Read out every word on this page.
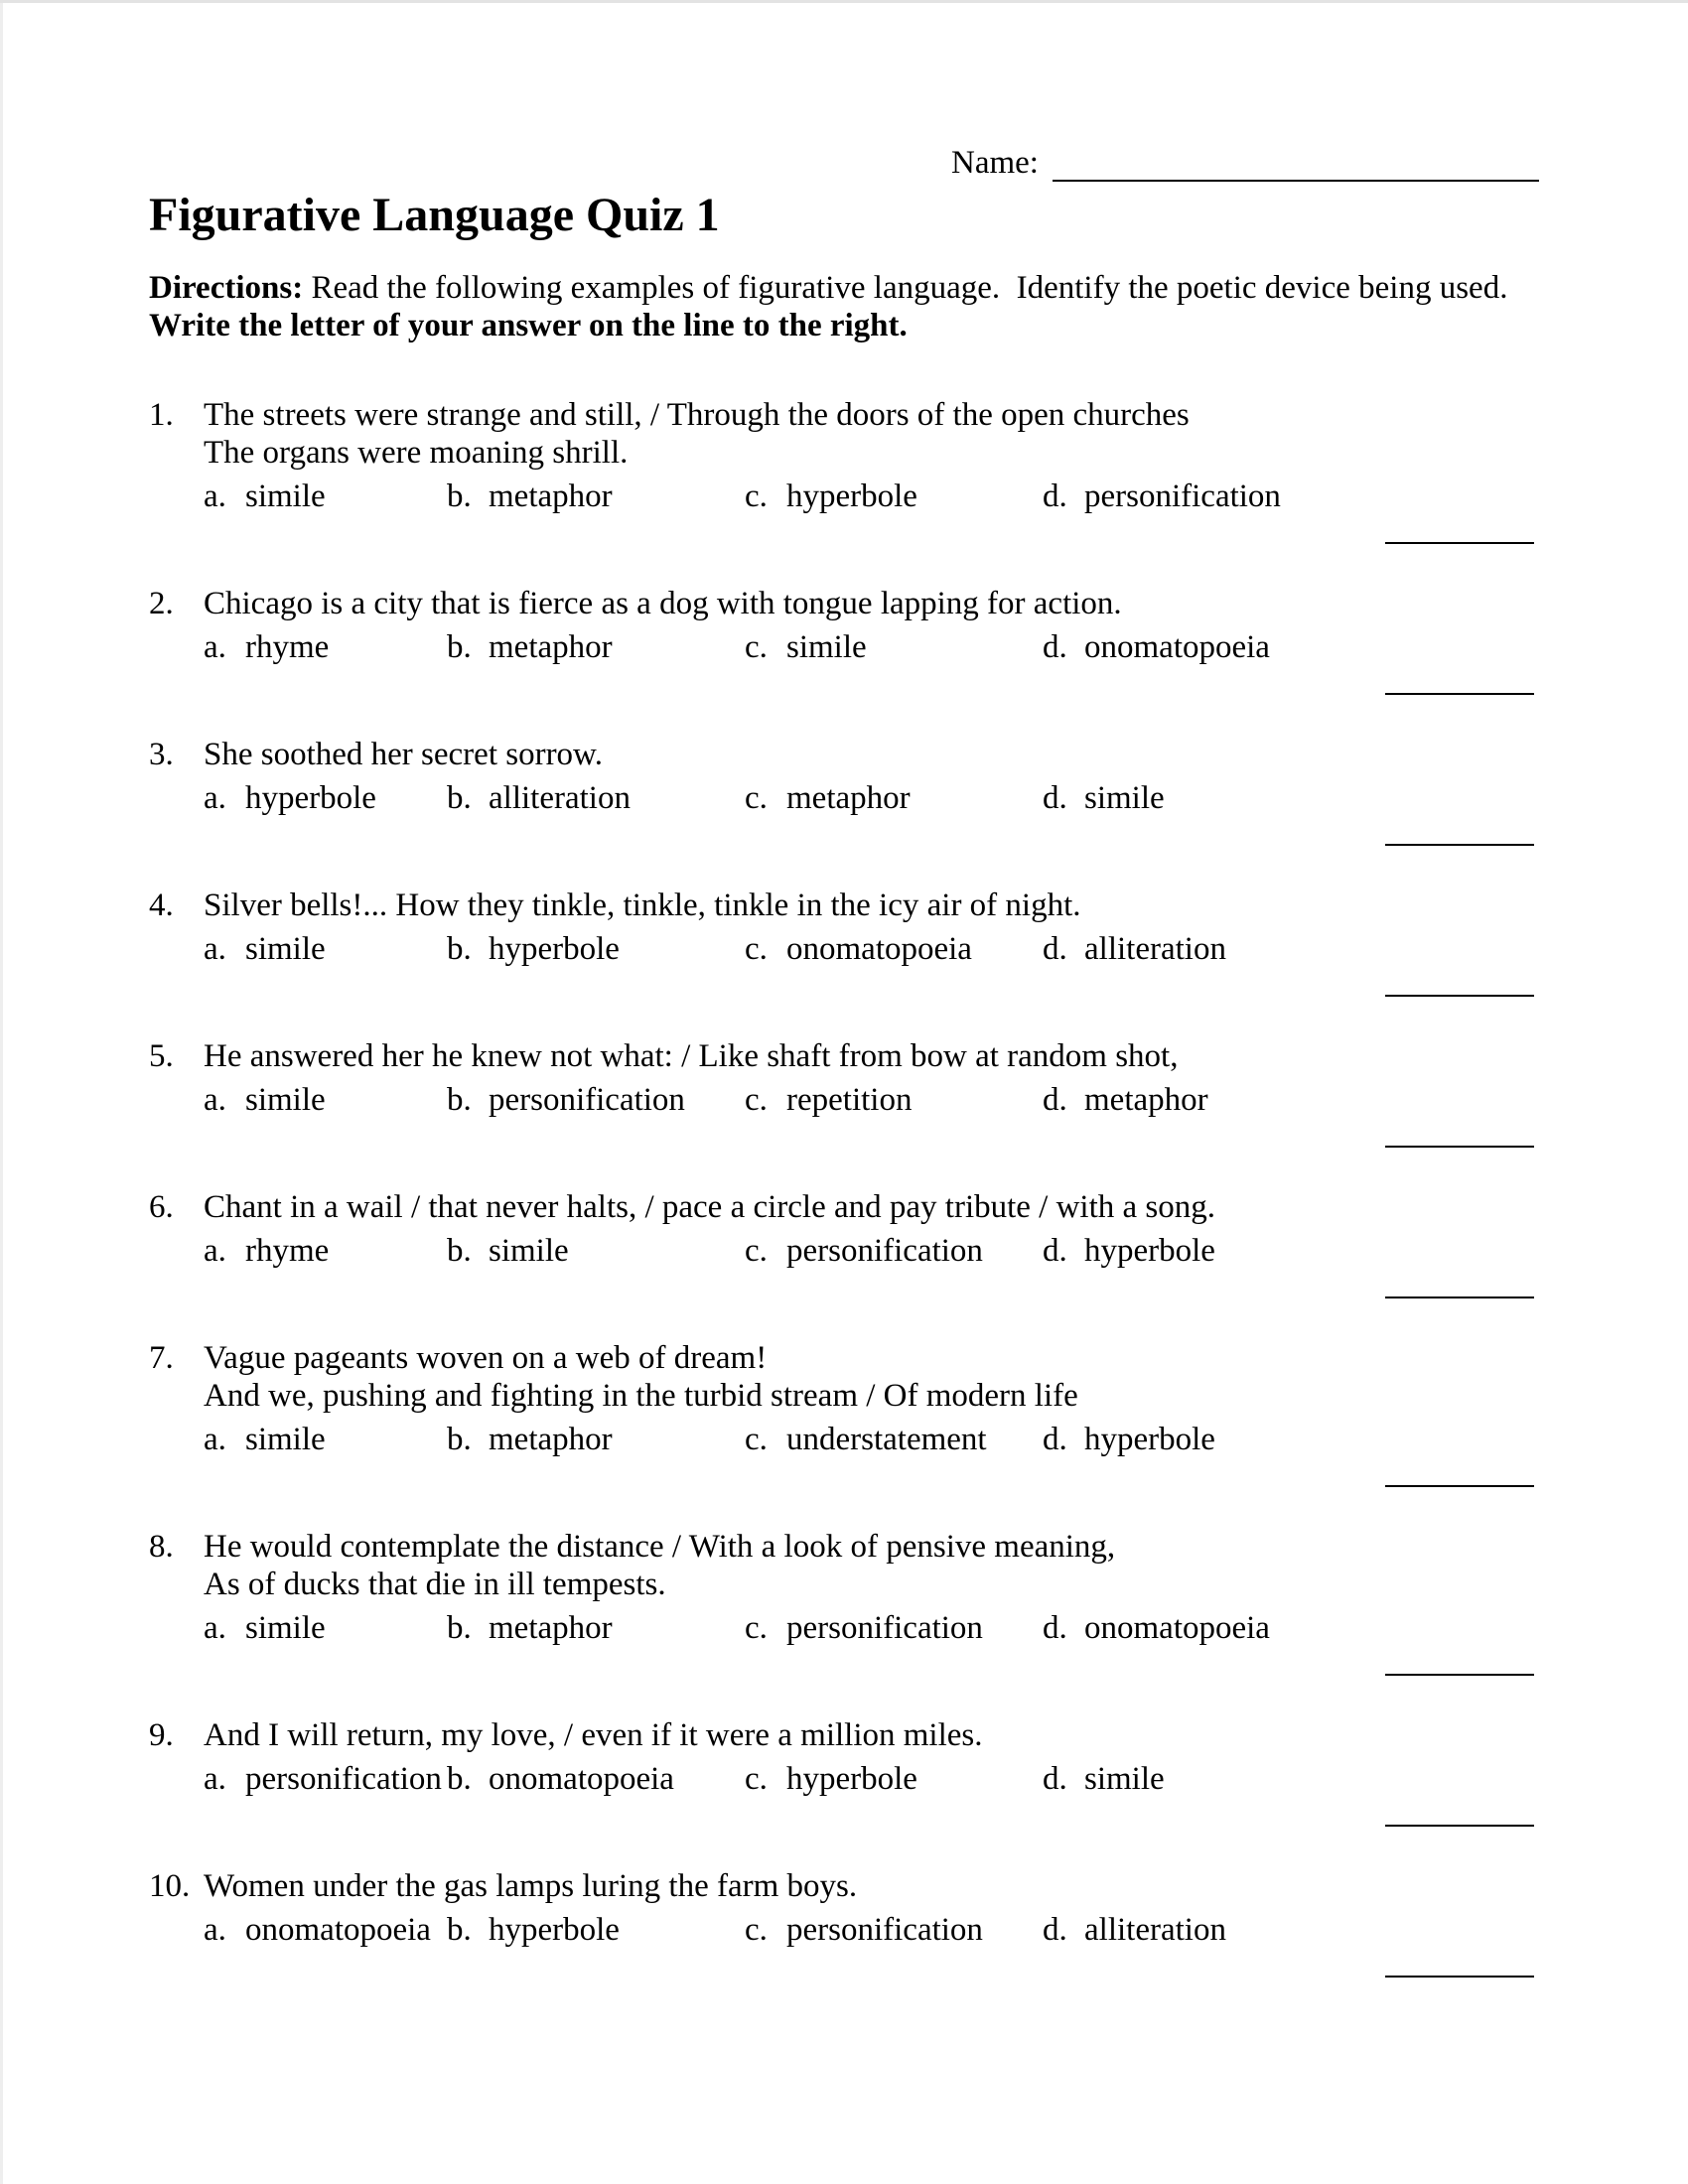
Name:
Figurative Language Quiz 1
Directions: Read the following examples of figurative language.  Identify the poetic device being used.
Write the letter of your answer on the line to the right.
1. The streets were strange and still, / Through the doors of the open churches
The organs were moaning shrill.
a. simile	b. metaphor	c. hyperbole	d. personification
2. Chicago is a city that is fierce as a dog with tongue lapping for action.
a. rhyme	b. metaphor	c. simile	d. onomatopoeia
3. She soothed her secret sorrow.
a. hyperbole	b. alliteration	c. metaphor	d. simile
4. Silver bells!... How they tinkle, tinkle, tinkle in the icy air of night.
a. simile	b. hyperbole	c. onomatopoeia	d. alliteration
5. He answered her he knew not what: / Like shaft from bow at random shot,
a. simile	b. personification	c. repetition	d. metaphor
6. Chant in a wail / that never halts, / pace a circle and pay tribute / with a song.
a. rhyme	b. simile	c. personification	d. hyperbole
7. Vague pageants woven on a web of dream!
And we, pushing and fighting in the turbid stream / Of modern life
a. simile	b. metaphor	c. understatement	d. hyperbole
8. He would contemplate the distance / With a look of pensive meaning,
As of ducks that die in ill tempests.
a. simile	b. metaphor	c. personification	d. onomatopoeia
9. And I will return, my love, / even if it were a million miles.
a. personification b. onomatopoeia	c. hyperbole	d. simile
10. Women under the gas lamps luring the farm boys.
a. onomatopoeia b. hyperbole	c. personification	d. alliteration
